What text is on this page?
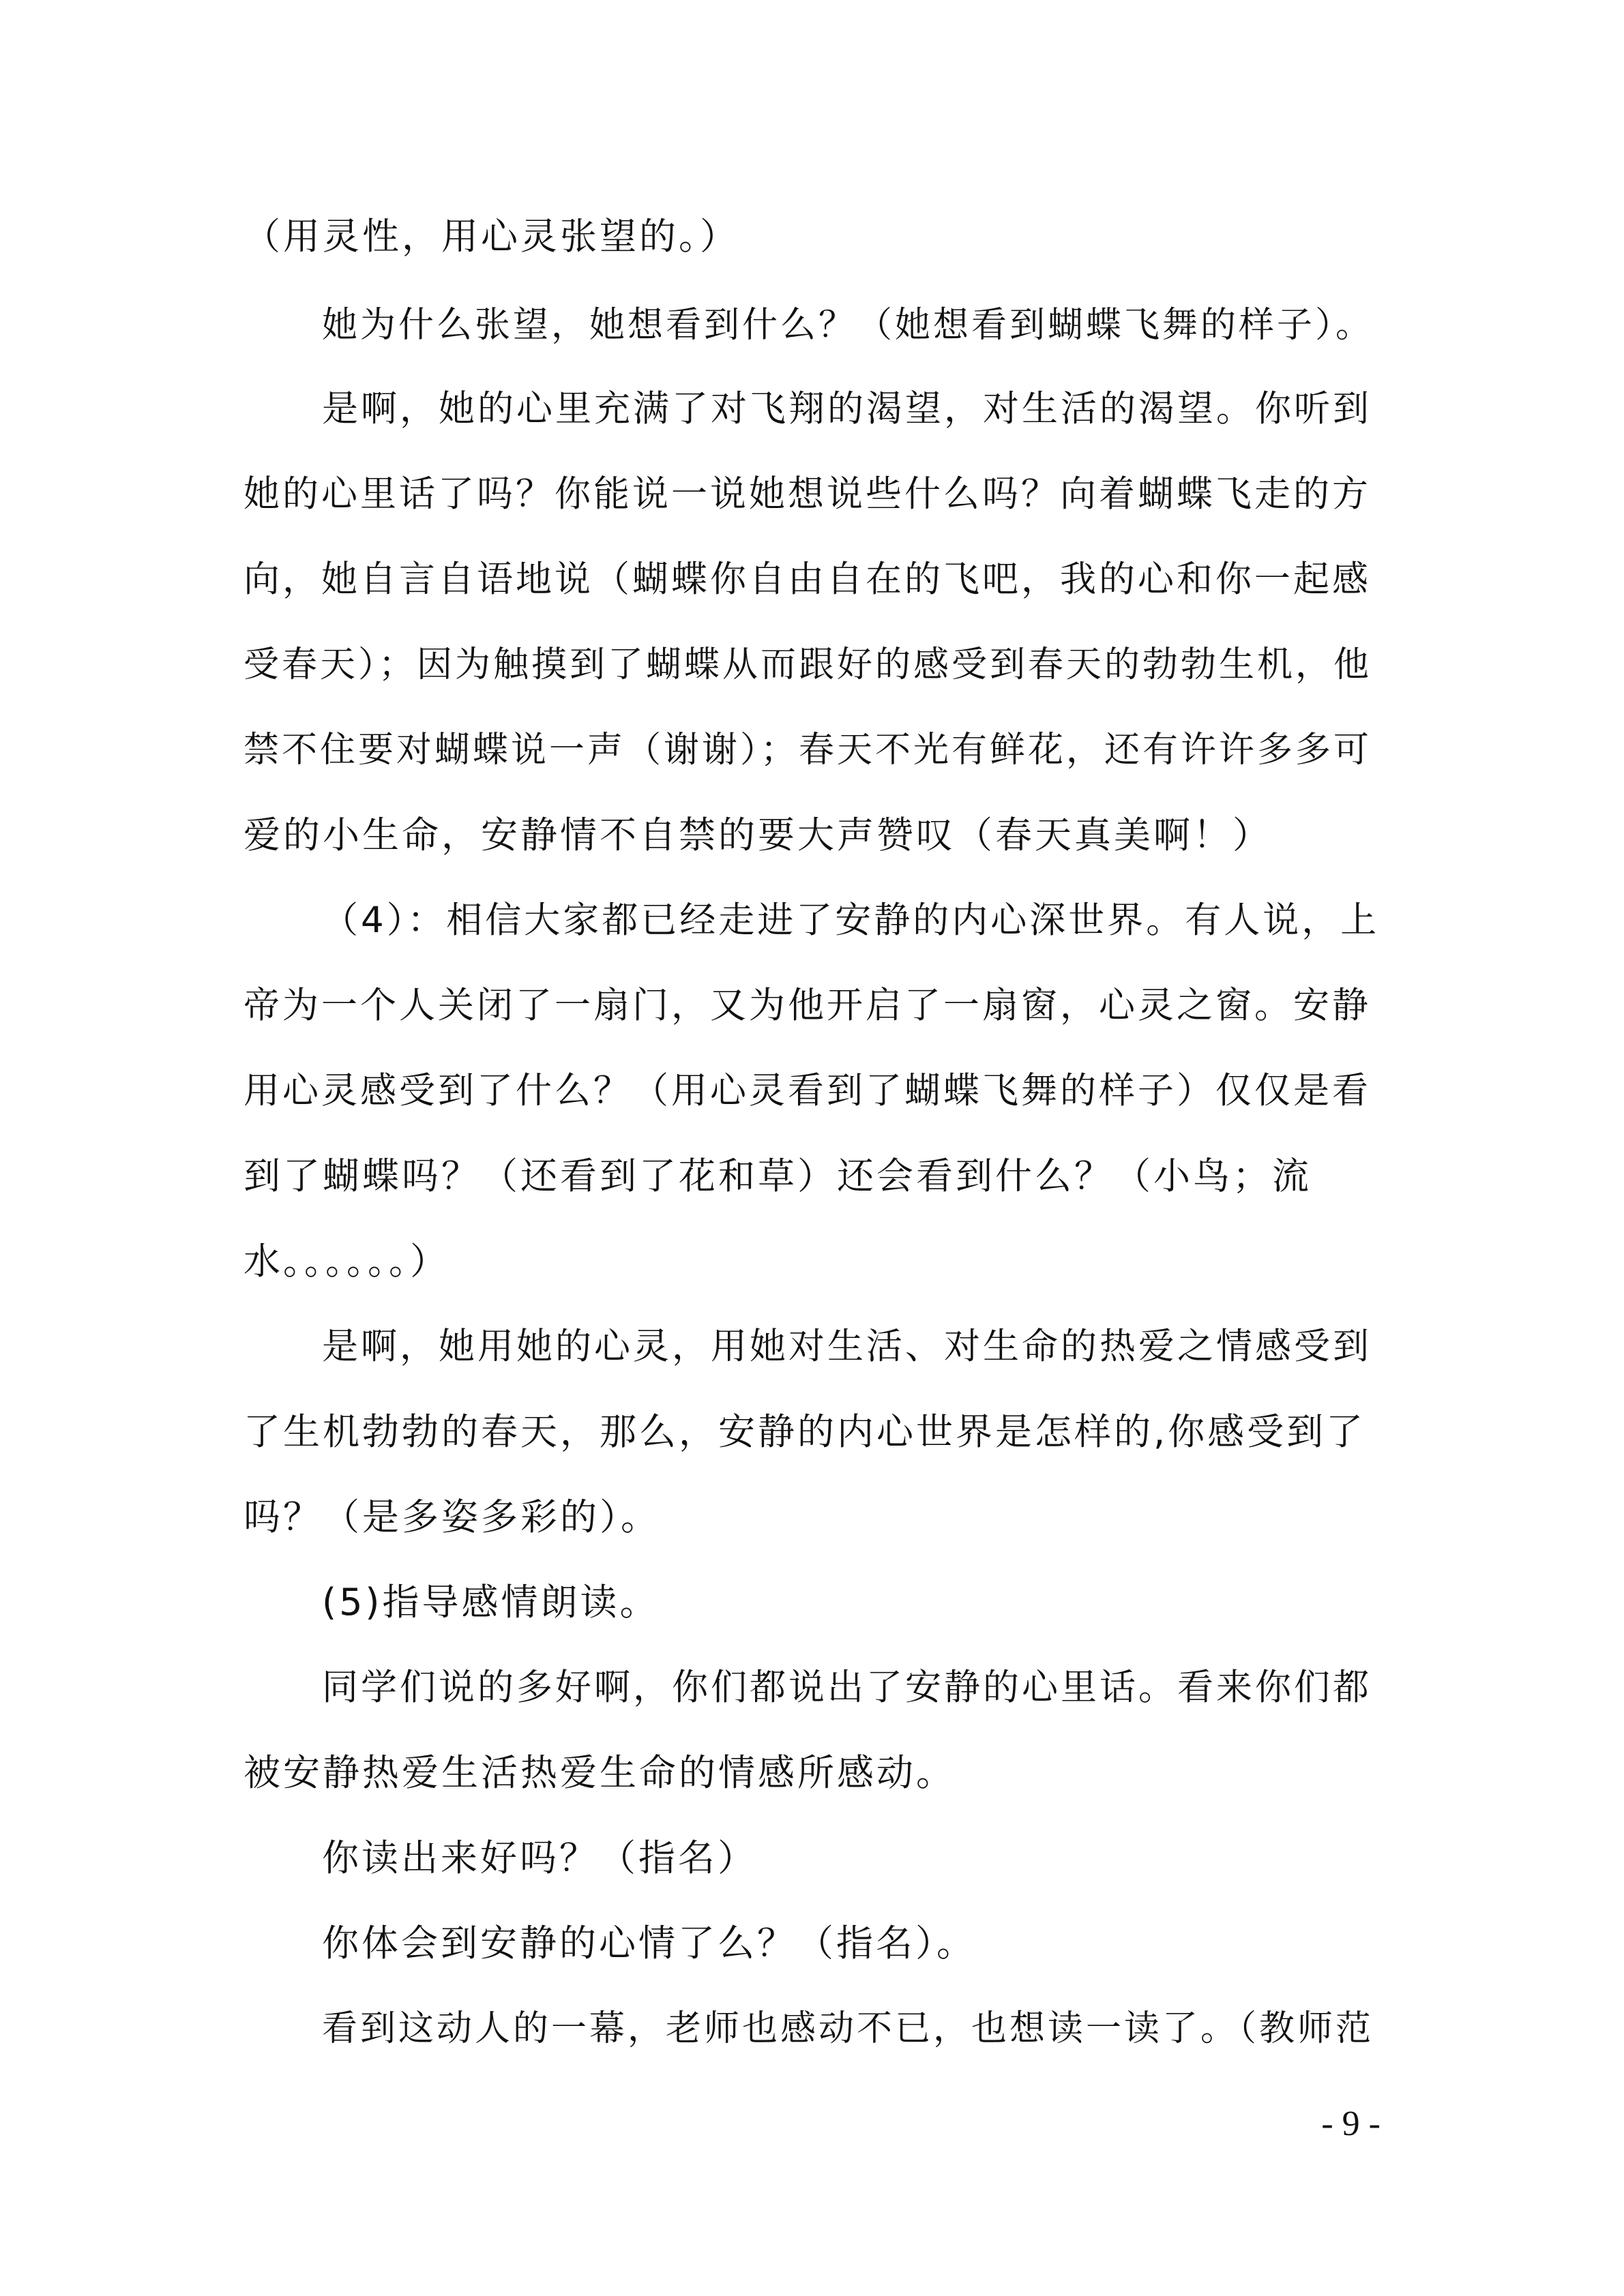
（用灵性，用心灵张望的。）
她为什么张望，她想看到什么？（她想看到蝴蝶飞舞的样子）。
是啊，她的心里充满了对飞翔的渴望，对生活的渴望。你听到
她的心里话了吗？你能说一说她想说些什么吗？向着蝴蝶飞走的方
向，她自言自语地说（蝴蝶你自由自在的飞吧，我的心和你一起感
受春天）；因为触摸到了蝴蝶从而跟好的感受到春天的勃勃生机，他
禁不住要对蝴蝶说一声（谢谢）；春天不光有鲜花，还有许许多多可
爱的小生命，安静情不自禁的要大声赞叹（春天真美啊！）
（4）：相信大家都已经走进了安静的内心深世界。有人说，上
帝为一个人关闭了一扇门，又为他开启了一扇窗，心灵之窗。安静
用心灵感受到了什么？（用心灵看到了蝴蝶飞舞的样子）仅仅是看
到了蝴蝶吗？（还看到了花和草）还会看到什么？（小鸟；流
水。。。。。。）
是啊，她用她的心灵，用她对生活、对生命的热爱之情感受到
了生机勃勃的春天，那么，安静的内心世界是怎样的,你感受到了
吗？（是多姿多彩的）。
(5)指导感情朗读。
同学们说的多好啊，你们都说出了安静的心里话。看来你们都
被安静热爱生活热爱生命的情感所感动。
你读出来好吗？（指名）
你体会到安静的心情了么？（指名）。
看到这动人的一幕，老师也感动不已，也想读一读了。（教师范
- 9 -
